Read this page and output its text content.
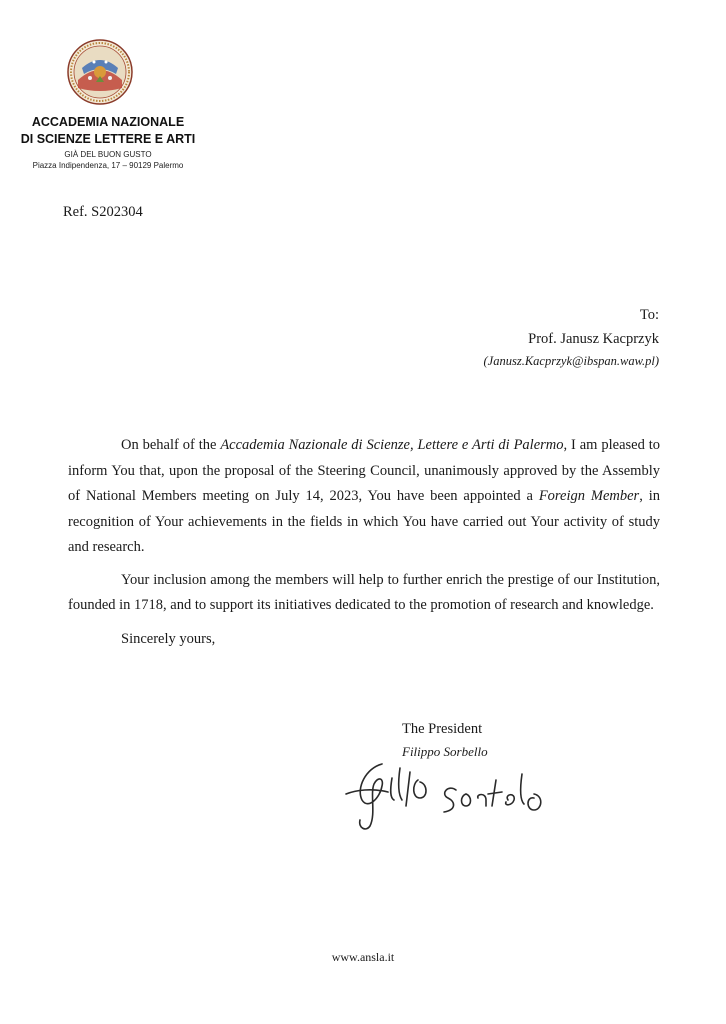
ACCADEMIA NAZIONALE
DI SCIENZE LETTERE E ARTI
GIÀ DEL BUON GUSTO
Piazza Indipendenza, 17 – 90129 Palermo
Ref. S202304
To:
Prof. Janusz Kacprzyk
(Janusz.Kacprzyk@ibspan.waw.pl)

On behalf of the Accademia Nazionale di Scienze, Lettere e Arti di Palermo, I am pleased to inform You that, upon the proposal of the Steering Council, unanimously approved by the Assembly of National Members meeting on July 14, 2023, You have been appointed a Foreign Member, in recognition of Your achievements in the fields in which You have carried out Your activity of study and research.

Your inclusion among the members will help to further enrich the prestige of our Institution, founded in 1718, and to support its initiatives dedicated to the promotion of research and knowledge.

Sincerely yours,

The President
Filippo Sorbello
www.ansla.it
